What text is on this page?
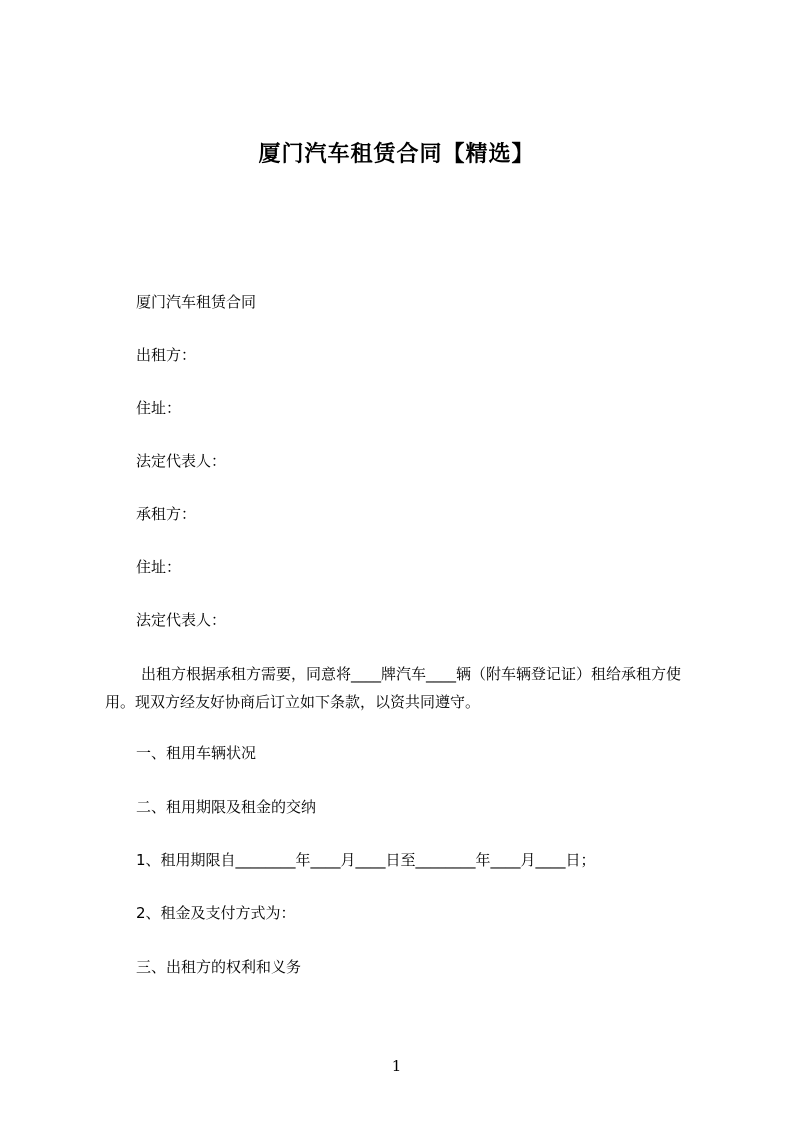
厦门汽车租赁合同【精选】
厦门汽车租赁合同
出租方：
住址：
法定代表人：
承租方：
住址：
法定代表人：
出租方根据承租方需要，同意将____牌汽车____辆（附车辆登记证）租给承租方使用。现双方经友好协商后订立如下条款，以资共同遵守。
一、租用车辆状况
二、租用期限及租金的交纳
1、租用期限自________年____月____日至________年____月____日；
2、租金及支付方式为：
三、出租方的权利和义务
1
